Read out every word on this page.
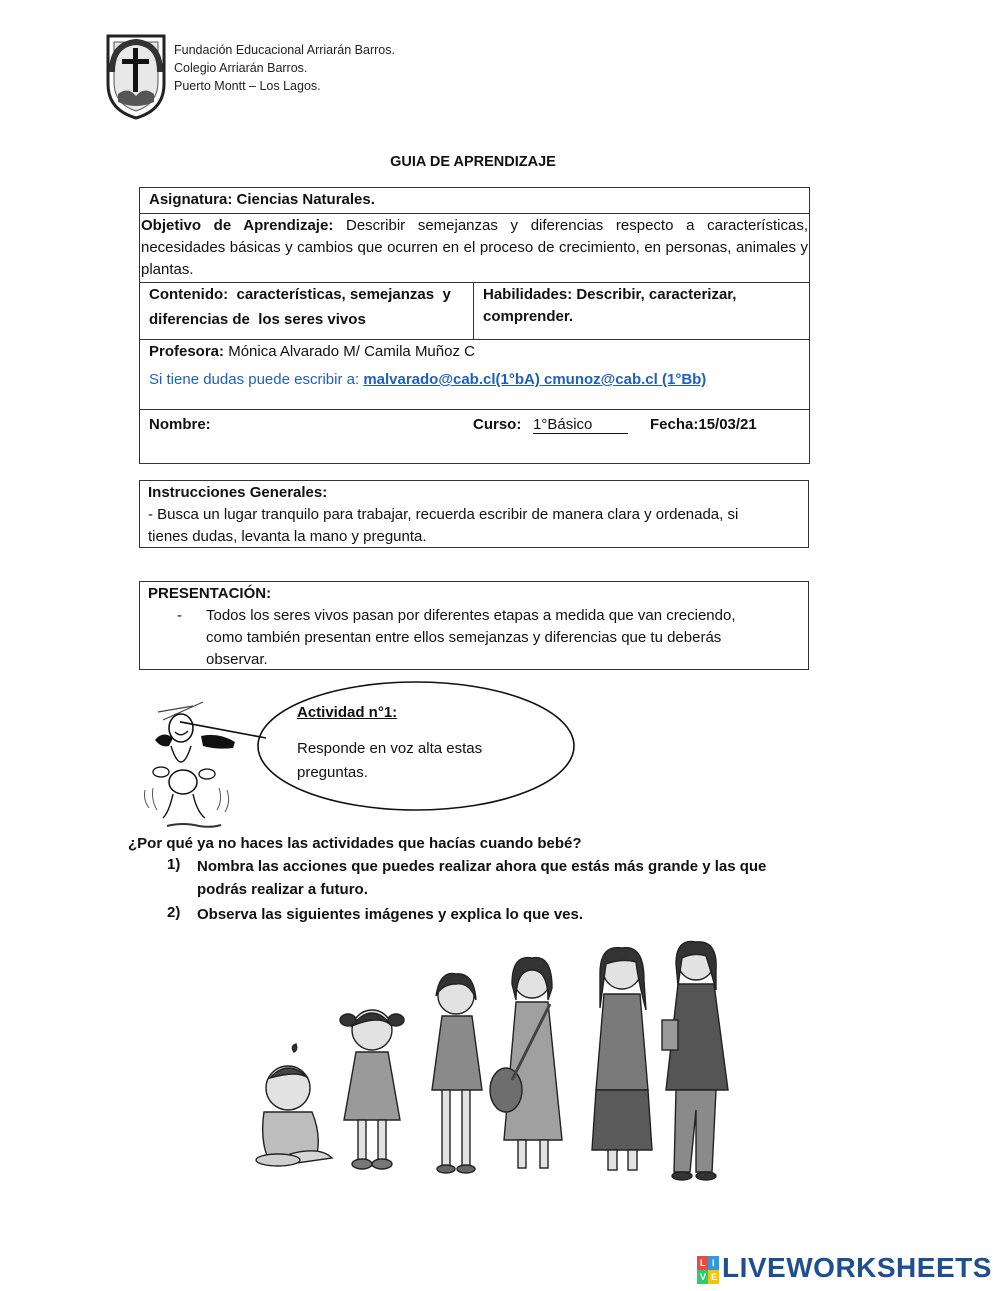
Fundación Educacional Arriarán Barros.
Colegio Arriarán Barros.
Puerto Montt – Los Lagos.
GUIA DE APRENDIZAJE
Asignatura: Ciencias Naturales.
Objetivo de Aprendizaje: Describir semejanzas y diferencias respecto a características, necesidades básicas y cambios que ocurren en el proceso de crecimiento, en personas, animales y plantas.
Contenido:  características, semejanzas  y
diferencias de  los seres vivos
Habilidades: Describir, caracterizar,
comprender.
Profesora: Mónica Alvarado M/ Camila Muñoz C
Si tiene dudas puede escribir a: malvarado@cab.cl(1°bA) cmunoz@cab.cl (1°Bb)
Nombre:	Curso: 1°Básico	Fecha:15/03/21
Instrucciones Generales:
- Busca un lugar tranquilo para trabajar, recuerda escribir de manera clara y ordenada, si
tienes dudas, levanta la mano y pregunta.
PRESENTACIÓN:
- Todos los seres vivos pasan por diferentes etapas a medida que van creciendo,
como también presentan entre ellos semejanzas y diferencias que tu deberás
observar.
Actividad n°1:
Responde en voz alta estas
preguntas.
¿Por qué ya no haces las actividades que hacías cuando bebé?
1) Nombra las acciones que puedes realizar ahora que estás más grande y las que
podrás realizar a futuro.
2) Observa las siguientes imágenes y explica lo que ves.
L I
V E LIVEWORKSHEETS
